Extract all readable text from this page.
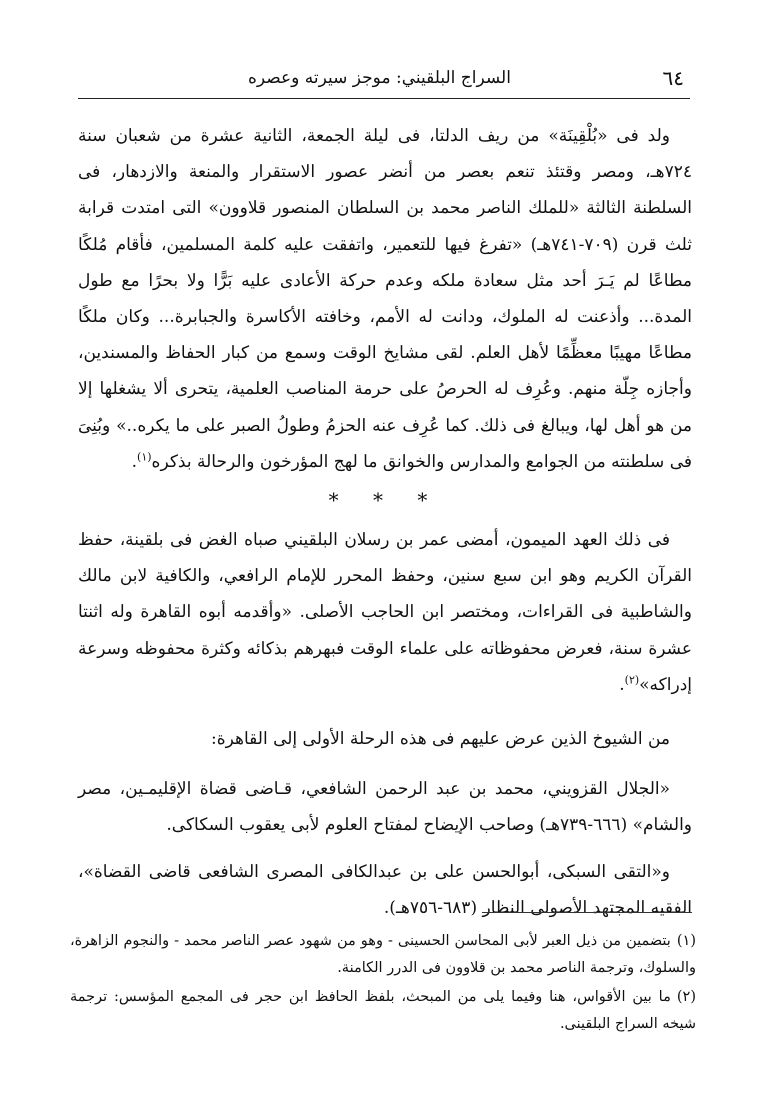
٦٤
السراج البلقيني: موجز سيرته وعصره

ولد فى «بُلْقِينَة» من ريف الدلتا، فى ليلة الجمعة، الثانية عشرة من شعبان سنة ٧٢٤هـ، ومصر وقتئذ تنعم بعصر من أنضر عصور الاستقرار والمنعة والازدهار، فى السلطنة الثالثة «للملك الناصر محمد بن السلطان المنصور قلاوون» التى امتدت قرابة ثلث قرن (٧٠٩-٧٤١هـ) «تفرغ فيها للتعمير، واتفقت عليه كلمة المسلمين، فأقام مُلكًا مطاعًا لم يَـرَ أحد مثل سعادة ملكه وعدم حركة الأعادى عليه بَرًّا ولا بحرًا مع طول المدة... وأذعنت له الملوك، ودانت له الأمم، وخافته الأكاسرة والجبابرة... وكان ملكًا مطاعًا مهيبًا معظِّمًا لأهل العلم. لقى مشايخ الوقت وسمع من كبار الحفاظ والمسندين، وأجازه جِلّة منهم. وعُرِف له الحرصُ على حرمة المناصب العلمية، يتحرى ألا يشغلها إلا من هو أهل لها، ويبالغ فى ذلك. كما عُرِف عنه الحزمُ وطولُ الصبر على ما يكره..» وبُنِىَ فى سلطنته من الجوامع والمدارس والخوانق ما لهج المؤرخون والرحالة بذكره$^{(١)}$.

* * *

فى ذلك العهد الميمون، أمضى عمر بن رسلان البلقيني صباه الغض فى بلقينة، حفظ القرآن الكريم وهو ابن سبع سنين، وحفظ المحرر للإمام الرافعي، والكافية لابن مالك والشاطبية فى القراءات، ومختصر ابن الحاجب الأصلى. «وأقدمه أبوه القاهرة وله اثنتا عشرة سنة، فعرض محفوظاته على علماء الوقت فبهرهم بذكائه وكثرة محفوظه وسرعة إدراكه»$^{(٢)}$.

من الشيوخ الذين عرض عليهم فى هذه الرحلة الأولى إلى القاهرة:

«الجلال القزويني، محمد بن عبد الرحمن الشافعي، قـاضى قضاة الإقليمـين، مصر والشام» (٦٦٦-٧٣٩هـ) وصاحب الإيضاح لمفتاح العلوم لأبى يعقوب السكاكى.

و«التقى السبكى، أبوالحسن على بن عبدالكافى المصرى الشافعى قاضى القضاة»، الفقيه المجتهد الأصولى النظار (٦٨٣-٧٥٦هـ).

(١)بتضمين من ذيل العبر لأبى المحاسن الحسينى - وهو من شهود عصر الناصر محمد - والنجوم الزاهرة، والسلوك، وترجمة الناصر محمد بن قلاوون فى الدرر الكامنة.

(٢)ما بين الأقواس، هنا وفيما يلى من المبحث، بلفظ الحافظ ابن حجر فى المجمع المؤسس: ترجمة شيخه السراج البلقينى.
